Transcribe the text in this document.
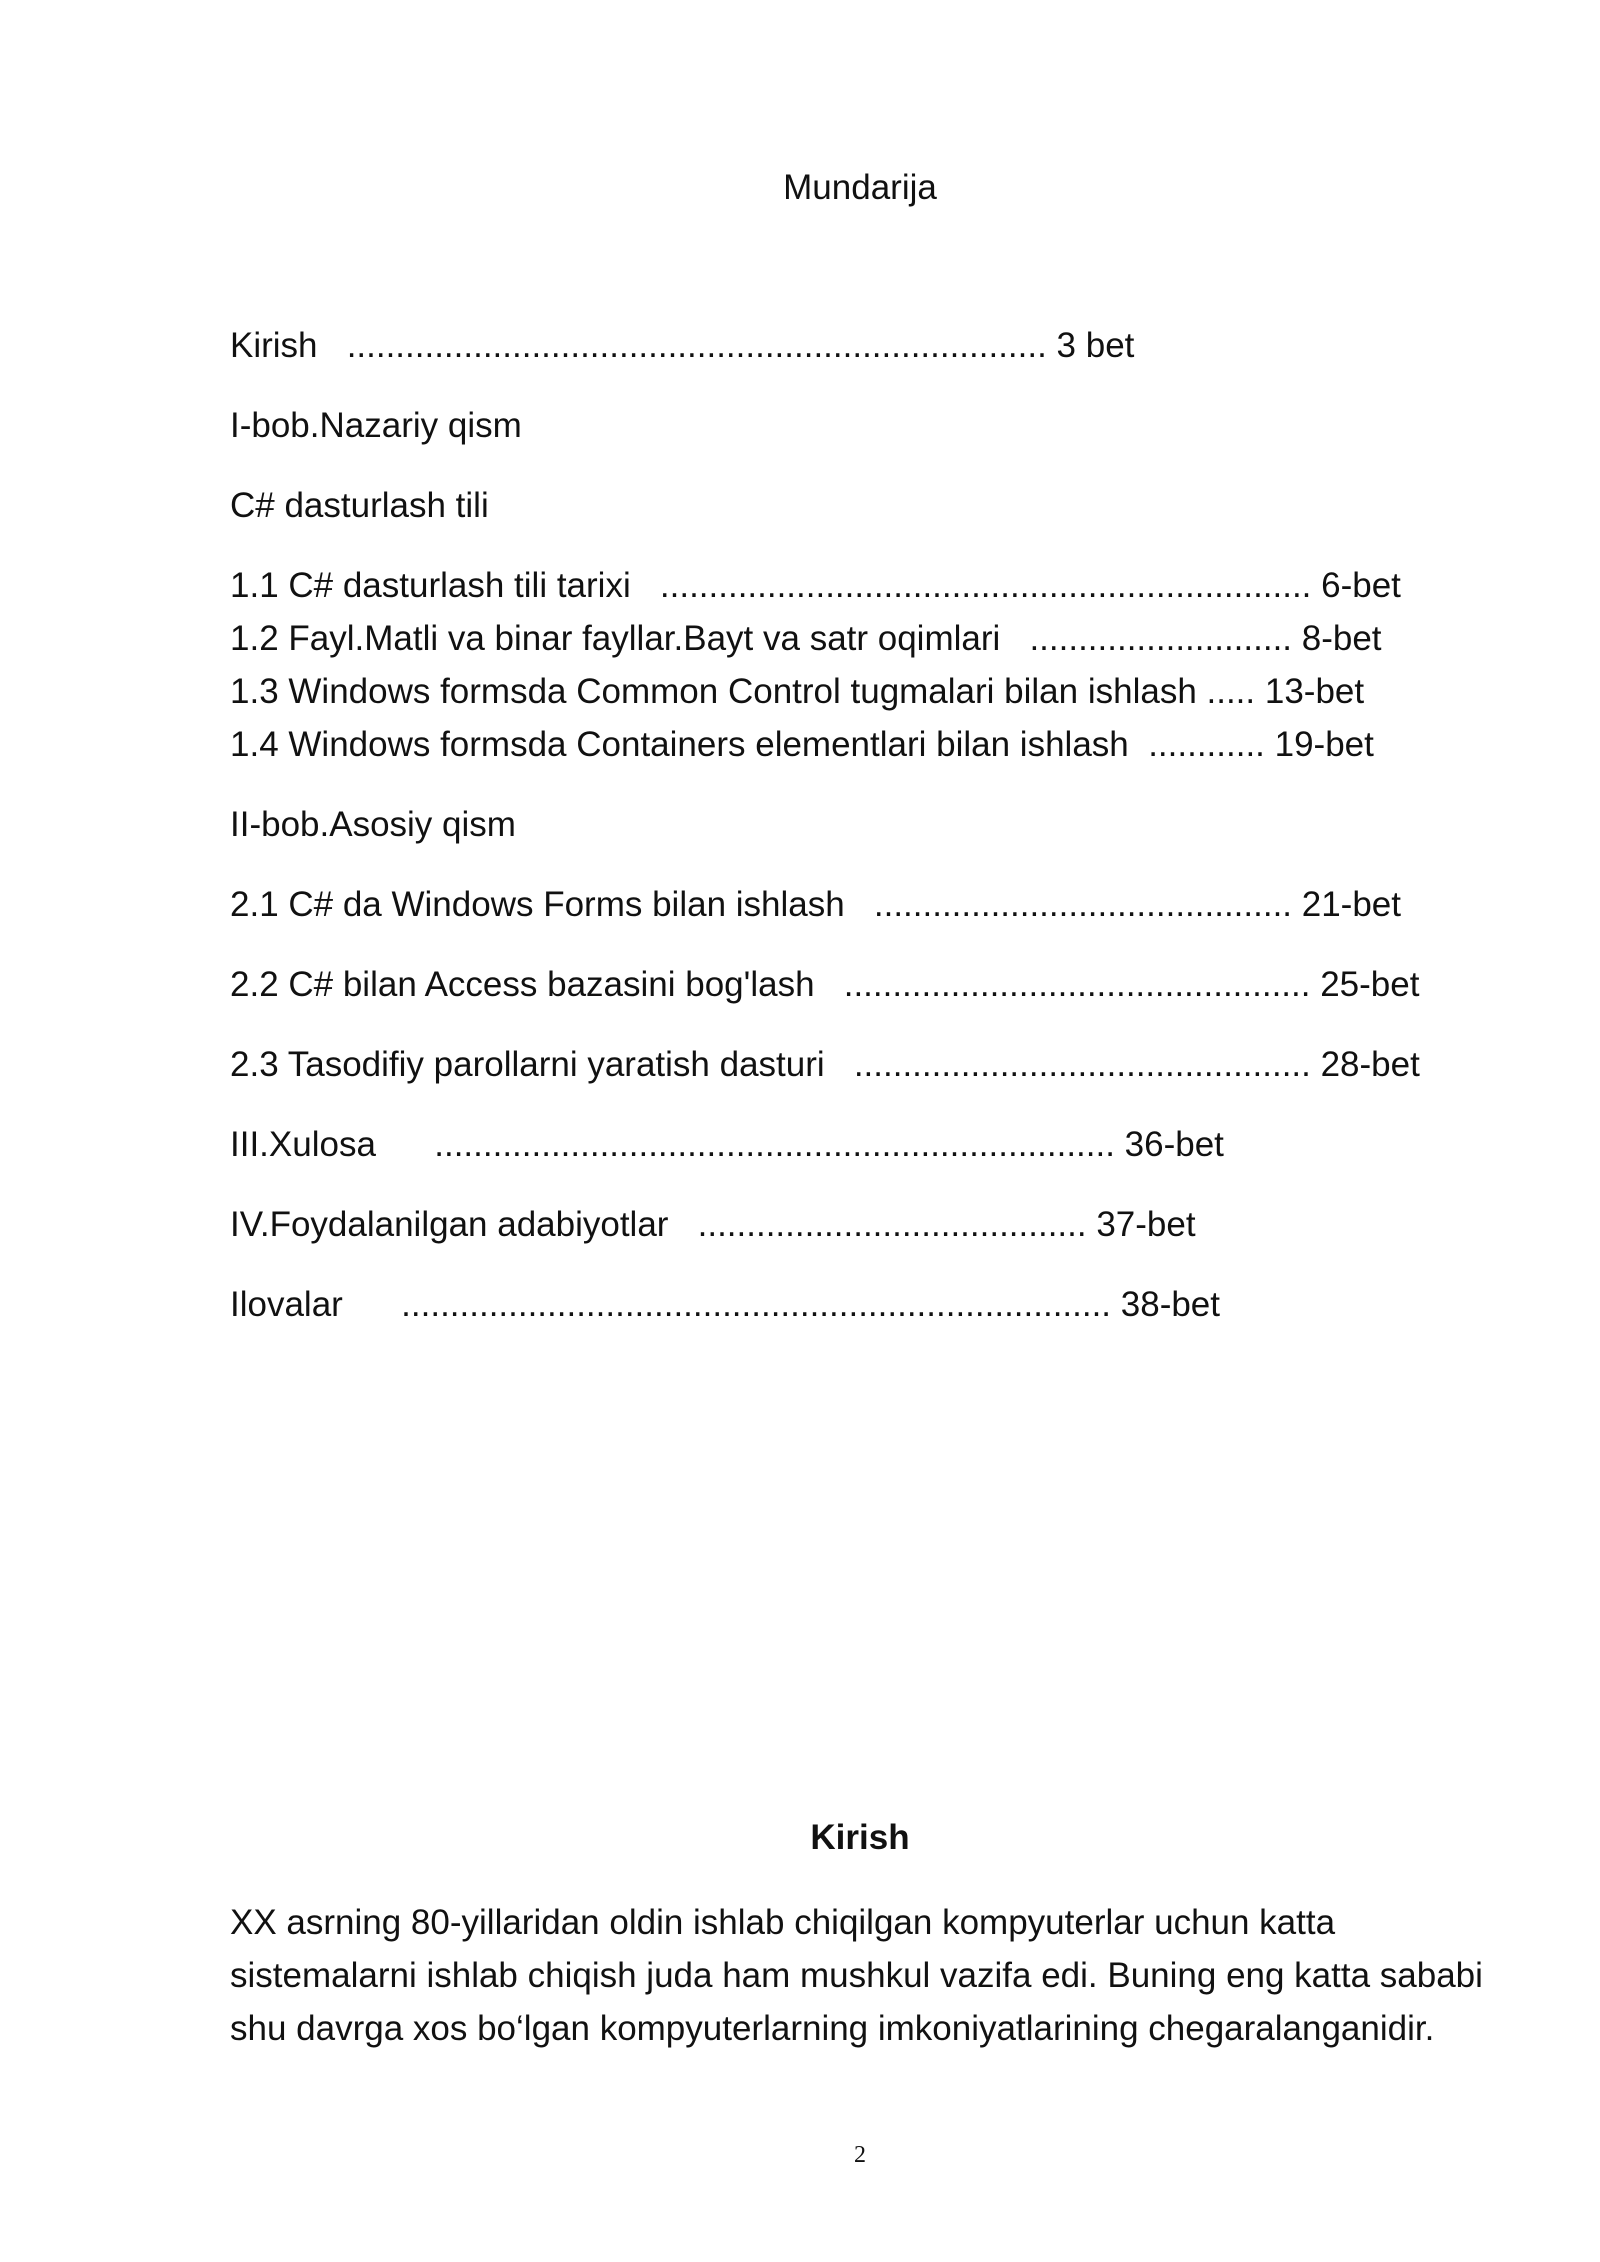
Mundarija
Kirish   ........................................................................ 3 bet
I-bob.Nazariy qism
C# dasturlash tili
1.1 C# dasturlash tili tarixi   ................................................................... 6-bet
1.2 Fayl.Matli va binar fayllar.Bayt va satr oqimlari   ........................... 8-bet
1.3 Windows formsda Common Control tugmalari bilan ishlash ..... 13-bet
1.4 Windows formsda Containers elementlari bilan ishlash  ............ 19-bet
II-bob.Asosiy qism
2.1 C# da Windows Forms bilan ishlash   ........................................... 21-bet
2.2 C# bilan Access bazasini bog'lash   ................................................ 25-bet
2.3 Tasodifiy parollarni yaratish dasturi   ............................................... 28-bet
III.Xulosa      ...................................................................... 36-bet
IV.Foydalanilgan adabiyotlar   ........................................ 37-bet
Ilovalar      ......................................................................... 38-bet
Kirish
XX asrning 80-yillaridan oldin ishlab chiqilgan kompyuterlar uchun katta
sistemalarni ishlab chiqish juda ham mushkul vazifa edi. Buning eng katta sababi
shu davrga xos bo‘lgan kompyuterlarning imkoniyatlarining chegaralanganidir.
2
